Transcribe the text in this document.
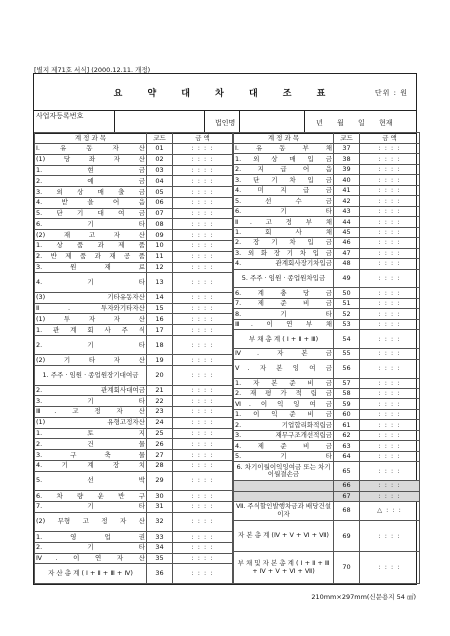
[별지 제71호 서식] (2000.12.11. 개정)
요 약 대 차 대 조 표	단위 : 원
사업자등록번호
법인명	년 월 일 현재
계 정 과 목	코드	금 액
I. 유 동 자 산	01	: : : :
(1) 당 좌 자 산	02	: : : :
1. 현 금	03	: : : :
2. 예 금	04	: : : :
3. 외 상 매 출 금	05	: : : :
4. 받 을 어 음	06	: : : :
5. 단 기 대 여 금	07	: : : :
6. 기 타	08	: : : :
(2) 재 고 자 산	09	: : : :
1. 상 품 과 제 품	10	: : : :
2. 반 제 품 과 재 공 품	11	: : : :
3. 원 재 료	12	: : : :
4. 기 타	13	: : : :
(3) 기타유동자산	14	: : : :
Ⅱ. 투자와기타자산	15	: : : :
(1) 투 자 자 산	16	: : : :
1. 관 계 회 사 주 식	17	: : : :
2. 기 타	18	: : : :
(2) 기 타 자 산	19	: : : :
1. 주주 · 임원 · 종업원장기대여금	20	: : : :
2. 관계회사대여금	21	: : : :
3. 기 타	22	: : : :
Ⅲ. 고 정 자 산	23	: : : :
(1) 유형고정자산	24	: : : :
1. 토 지	25	: : : :
2. 건 물	26	: : : :
3. 구 축 물	27	: : : :
4. 기 계 장 치	28	: : : :
5. 선 박	29	: : : :
6. 차 량 운 반 구	30	: : : :
7. 기 타	31	: : : :
(2) 무형 고 정 자 산	32	: : : :
1. 영 업 권	33	: : : :
2. 기 타	34	: : : :
Ⅳ. 이 연 자 산	35	: : : :
자 산 총 계 ( I + Ⅱ + Ⅲ + Ⅳ)	36	: : : :
계 정 과 목	코드	금 액
I. 유 동 부 채	37	: : : :
1. 외 상 매 입 금	38	: : : :
2. 지 급 어 음	39	: : : :
3. 단 기 차 입 금	40	: : : :
4. 미 지 급 금	41	: : : :
5. 선 수 금	42	: : : :
6. 기 타	43	: : : :
Ⅱ. 고 정 부 채	44	: : : :
1. 회 사 채	45	: : : :
2. 장 기 차 입 금	46	: : : :
3. 외 화 장 기 차 입 금	47	: : : :
4. 관계회사장기차입금	48	: : : :
5. 주주 · 임원 · 종업원차입금	49	: : : :
6. 계 충 당 금	50	: : : :
7. 제 준 비 금	51	: : : :
8. 기 타	52	: : : :
Ⅲ. 이 연 부 채	53	: : : :
부 채 총 계 ( I + Ⅱ + Ⅲ)	54	: : : :
Ⅳ. 자 본 금	55	: : : :
Ⅴ. 자 본 잉 여 금	56	: : : :
1. 자 본 준 비 금	57	: : : :
2. 재 평 가 적 립 금	58	: : : :
Ⅵ. 이 익 잉 여 금	59	: : : :
1. 이 익 준 비 금	60	: : : :
2. 기업합리화적립금	61	: : : :
3. 재무구조개선적립금	62	: : : :
4. 제 준 비 금	63	: : : :
5. 기 타	64	: : : :
6. 차기이월이익잉여금 또는 차기이월결손금	65	: : : :
	66	: : : :
	67	: : : :
Ⅶ. 주식할인발행차금과 배당건설이자	68	△ : : :
자 본 총 계 (Ⅳ + Ⅴ + Ⅵ + Ⅶ)	69	: : : :
부 채 및 자 본 총 계 ( I + Ⅱ + Ⅲ + Ⅳ + Ⅴ + Ⅵ + Ⅶ)	70	: : : :
210mm×297mm(신문용지 54 ㎠)
